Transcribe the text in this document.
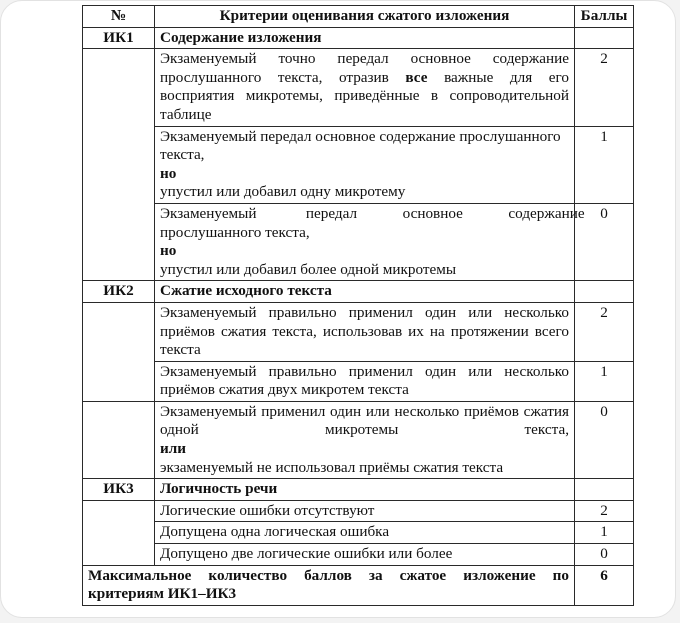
№	Критерии оценивания сжатого изложения	Баллы
ИК1	Содержание изложения	
	Экзаменуемый точно передал основное содержание прослушанного текста, отразив все важные для его восприятия микротемы, приведённые в сопроводительной таблице	2

	Экзаменуемый передал основное содержание прослушанного текста,
но
упустил или добавил одну микротему	1

	Экзаменуемый             передал            основное            содержание
прослушанного текста,
но
упустил или добавил более одной микротемы	0
ИК2	Сжатие исходного текста	
	Экзаменуемый правильно применил один или несколько приёмов сжатия текста, использовав их на протяжении всего текста	2
	Экзаменуемый правильно применил один или несколько приёмов сжатия двух микротем текста	1

	Экзаменуемый применил один или несколько приёмов сжатия одной микротемы текста,
или
экзаменуемый не использовал приёмы сжатия текста	0
ИК3	Логичность речи	
	Логические ошибки отсутствуют	2
	Допущена одна логическая ошибка	1
	Допущено две логические ошибки или более	0
Максимальное количество баллов за сжатое изложение по критериям ИК1–ИК3		6
